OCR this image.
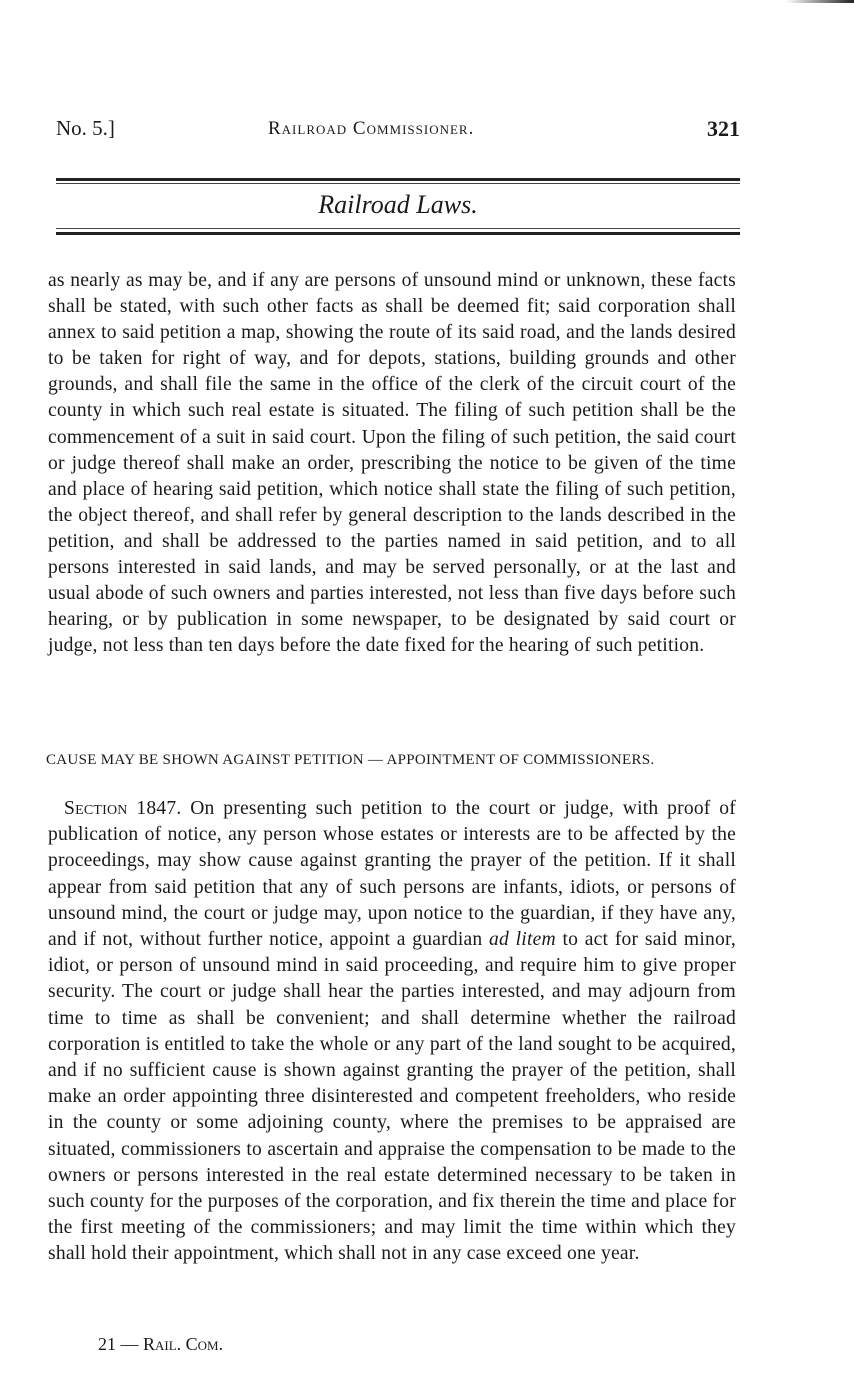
No. 5.]	Railroad Commissioner.	321
Railroad Laws.

as nearly as may be, and if any are persons of unsound mind or unknown, these facts shall be stated, with such other facts as shall be deemed fit; said corporation shall annex to said petition a map, showing the route of its said road, and the lands desired to be taken for right of way, and for depots, stations, building grounds and other grounds, and shall file the same in the office of the clerk of the circuit court of the county in which such real estate is situated. The filing of such petition shall be the commencement of a suit in said court. Upon the filing of such petition, the said court or judge thereof shall make an order, prescribing the notice to be given of the time and place of hearing said petition, which notice shall state the filing of such petition, the object thereof, and shall refer by general description to the lands described in the petition, and shall be addressed to the parties named in said petition, and to all persons interested in said lands, and may be served personally, or at the last and usual abode of such owners and parties interested, not less than five days before such hearing, or by publication in some newspaper, to be designated by said court or judge, not less than ten days before the date fixed for the hearing of such petition.

CAUSE MAY BE SHOWN AGAINST PETITION — APPOINTMENT OF COMMISSIONERS.

Section 1847. On presenting such petition to the court or judge, with proof of publication of notice, any person whose estates or interests are to be affected by the proceedings, may show cause against granting the prayer of the petition. If it shall appear from said petition that any of such persons are infants, idiots, or persons of unsound mind, the court or judge may, upon notice to the guardian, if they have any, and if not, without further notice, appoint a guardian ad litem to act for said minor, idiot, or person of unsound mind in said proceeding, and require him to give proper security. The court or judge shall hear the parties interested, and may adjourn from time to time as shall be convenient; and shall determine whether the railroad corporation is entitled to take the whole or any part of the land sought to be acquired, and if no sufficient cause is shown against granting the prayer of the petition, shall make an order appointing three disinterested and competent freeholders, who reside in the county or some adjoining county, where the premises to be appraised are situated, commissioners to ascertain and appraise the compensation to be made to the owners or persons interested in the real estate determined necessary to be taken in such county for the purposes of the corporation, and fix therein the time and place for the first meeting of the commissioners; and may limit the time within which they shall hold their appointment, which shall not in any case exceed one year.

21 — Rail. Com.
